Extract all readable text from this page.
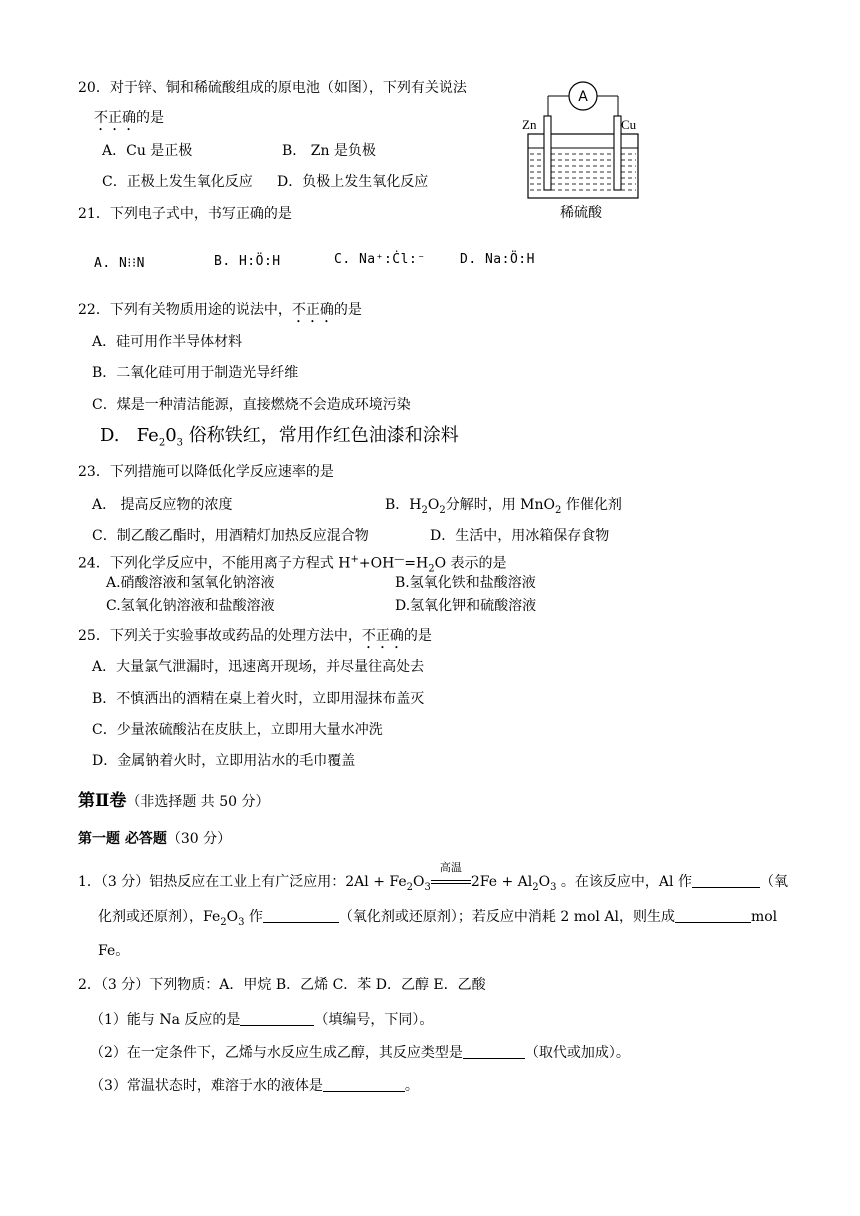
20．对于锌、铜和稀硫酸组成的原电池（如图），下列有关说法
不正确的是
A．Cu 是正极	B． Zn 是负极
C．正极上发生氧化反应 D．负极上发生氧化反应
A
Zn	Cu
稀硫酸
21．下列电子式中，书写正确的是
A. N⁝⁝N	B. H:Ö:H	C. Na⁺:Ċl:⁻	D. Na:Ö:H
22．下列有关物质用途的说法中，不正确的是
A．硅可用作半导体材料
B．二氧化硅可用于制造光导纤维
C．煤是一种清洁能源，直接燃烧不会造成环境污染
D.   $Fe_20_3$ 俗称铁红，常用作红色油漆和涂料
23．下列措施可以降低化学反应速率的是
A． 提高反应物的浓度	B．$H_2O_2$分解时，用 MnO$_2$ 作催化剂
C．制乙酸乙酯时，用酒精灯加热反应混合物	D．生活中，用冰箱保存食物
24．下列化学反应中，不能用离子方程式 $H^++OH^—=H_2O$ 表示的是
A.硝酸溶液和氢氧化钠溶液	B.氢氧化铁和盐酸溶液
C.氢氧化钠溶液和盐酸溶液	D.氢氧化钾和硫酸溶液
25．下列关于实验事故或药品的处理方法中，不正确的是
A．大量氯气泄漏时，迅速离开现场，并尽量往高处去
B．不慎洒出的酒精在桌上着火时，立即用湿抹布盖灭
C．少量浓硫酸沾在皮肤上，立即用大量水冲洗
D．金属钠着火时，立即用沾水的毛巾覆盖
第Ⅱ卷（非选择题 共 50 分）
第一题 必答题（30 分）
1．（3 分）铝热反应在工业上有广泛应用：$2Al + Fe_2O_3$
高温
$2Fe + Al_2O_3$ 。在该反应中，Al 作	（氧
化剂或还原剂），$Fe_2O_3$ 作	（氧化剂或还原剂）；若反应中消耗 2 mol Al，则生成	mol
Fe。
2．（3 分）下列物质：A．甲烷 B．乙烯 C．苯 D．乙醇 E．乙酸
（1）能与 Na 反应的是	（填编号，下同）。
（2）在一定条件下，乙烯与水反应生成乙醇，其反应类型是	（取代或加成）。
（3）常温状态时，难溶于水的液体是	。
